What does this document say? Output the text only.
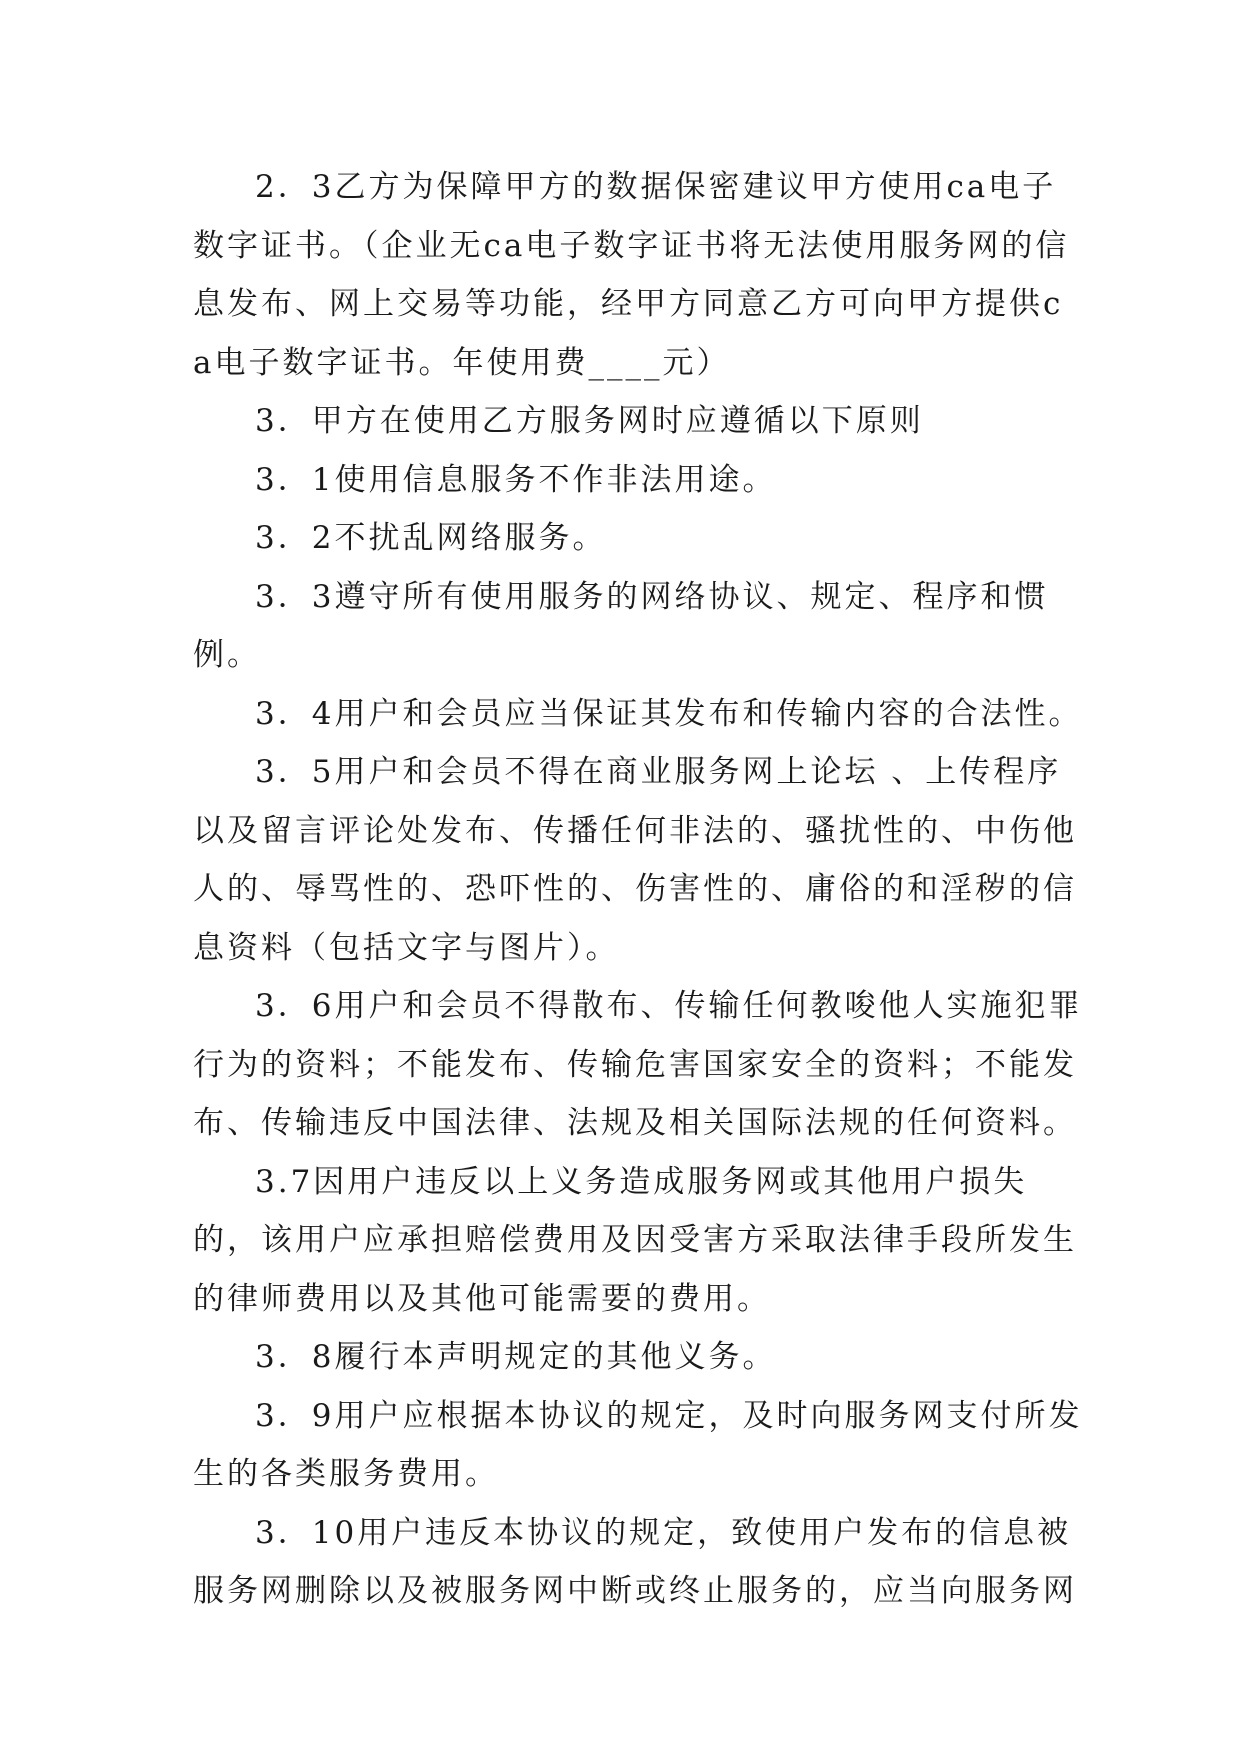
2．3乙方为保障甲方的数据保密建议甲方使用ca电子数字证书。（企业无ca电子数字证书将无法使用服务网的信息发布、网上交易等功能，经甲方同意乙方可向甲方提供ca电子数字证书。年使用费____元）

3．甲方在使用乙方服务网时应遵循以下原则

3．1使用信息服务不作非法用途。

3．2不扰乱网络服务。

3．3遵守所有使用服务的网络协议、规定、程序和惯例。

3．4用户和会员应当保证其发布和传输内容的合法性。

3．5用户和会员不得在商业服务网上论坛 、上传程序以及留言评论处发布、传播任何非法的、骚扰性的、中伤他人的、辱骂性的、恐吓性的、伤害性的、庸俗的和淫秽的信息资料（包括文字与图片）。

3．6用户和会员不得散布、传输任何教唆他人实施犯罪行为的资料；不能发布、传输危害国家安全的资料；不能发布、传输违反中国法律、法规及相关国际法规的任何资料。

3.7因用户违反以上义务造成服务网或其他用户损失的，该用户应承担赔偿费用及因受害方采取法律手段所发生的律师费用以及其他可能需要的费用。

3．8履行本声明规定的其他义务。

3．9用户应根据本协议的规定，及时向服务网支付所发生的各类服务费用。

3．10用户违反本协议的规定，致使用户发布的信息被服务网删除以及被服务网中断或终止服务的，应当向服务网
